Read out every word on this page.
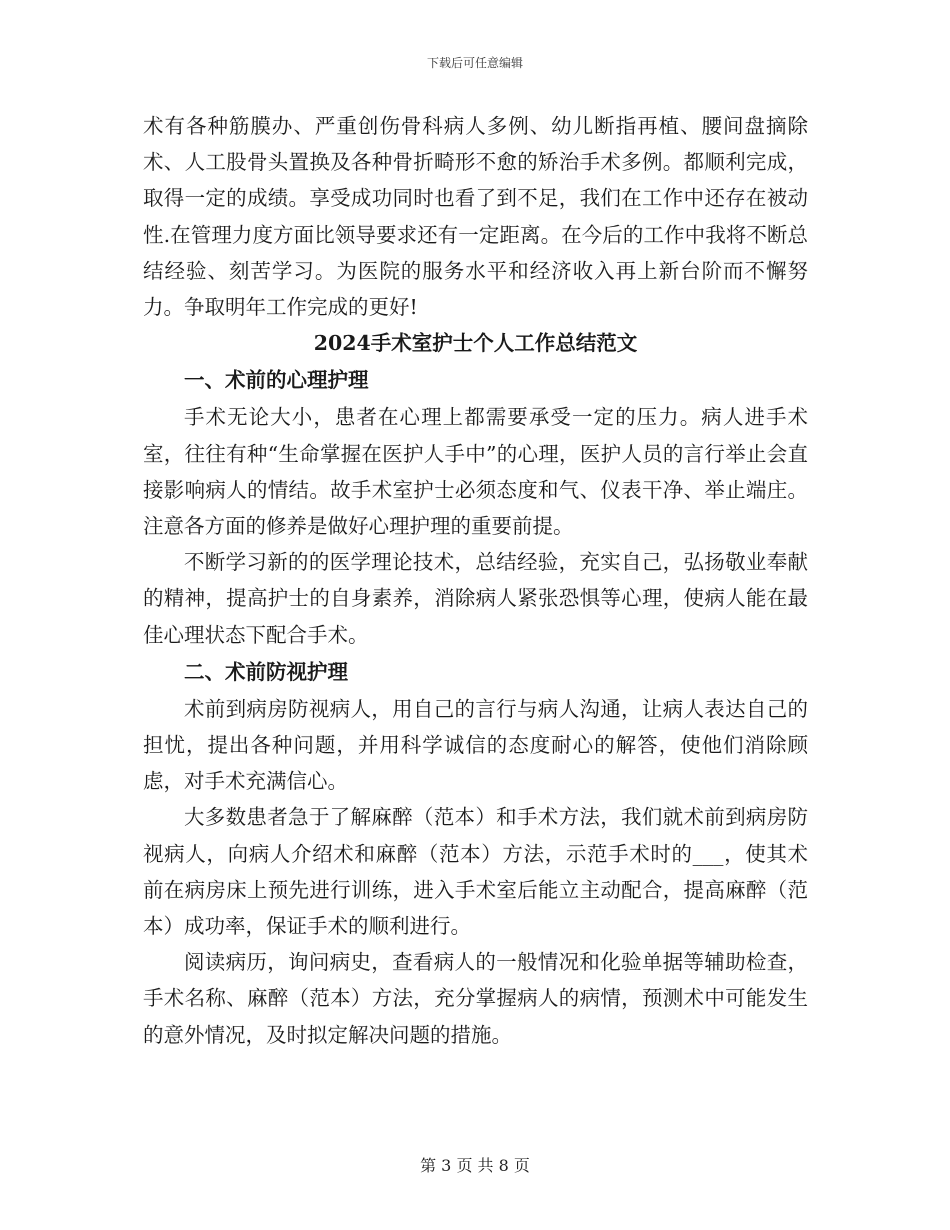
下载后可任意编辑

术有各种筋膜办、严重创伤骨科病人多例、幼儿断指再植、腰间盘摘除术、人工股骨头置换及各种骨折畸形不愈的矫治手术多例。都顺利完成，取得一定的成绩。享受成功同时也看了到不足，我们在工作中还存在被动性.在管理力度方面比领导要求还有一定距离。在今后的工作中我将不断总结经验、刻苦学习。为医院的服务水平和经济收入再上新台阶而不懈努力。争取明年工作完成的更好!

2024手术室护士个人工作总结范文

一、术前的心理护理

手术无论大小，患者在心理上都需要承受一定的压力。病人进手术室，往往有种“生命掌握在医护人手中”的心理，医护人员的言行举止会直接影响病人的情结。故手术室护士必须态度和气、仪表干净、举止端庄。注意各方面的修养是做好心理护理的重要前提。

不断学习新的的医学理论技术，总结经验，充实自己，弘扬敬业奉献的精神，提高护士的自身素养，消除病人紧张恐惧等心理，使病人能在最佳心理状态下配合手术。

二、术前防视护理

术前到病房防视病人，用自己的言行与病人沟通，让病人表达自己的担忧，提出各种问题，并用科学诚信的态度耐心的解答，使他们消除顾虑，对手术充满信心。

大多数患者急于了解麻醉（范本）和手术方法，我们就术前到病房防视病人，向病人介绍术和麻醉（范本）方法，示范手术时的___，使其术前在病房床上预先进行训练，进入手术室后能立主动配合，提高麻醉（范本）成功率，保证手术的顺利进行。

阅读病历，询问病史，查看病人的一般情况和化验单据等辅助检查，手术名称、麻醉（范本）方法，充分掌握病人的病情，预测术中可能发生的意外情况，及时拟定解决问题的措施。

第 3 页 共 8 页
